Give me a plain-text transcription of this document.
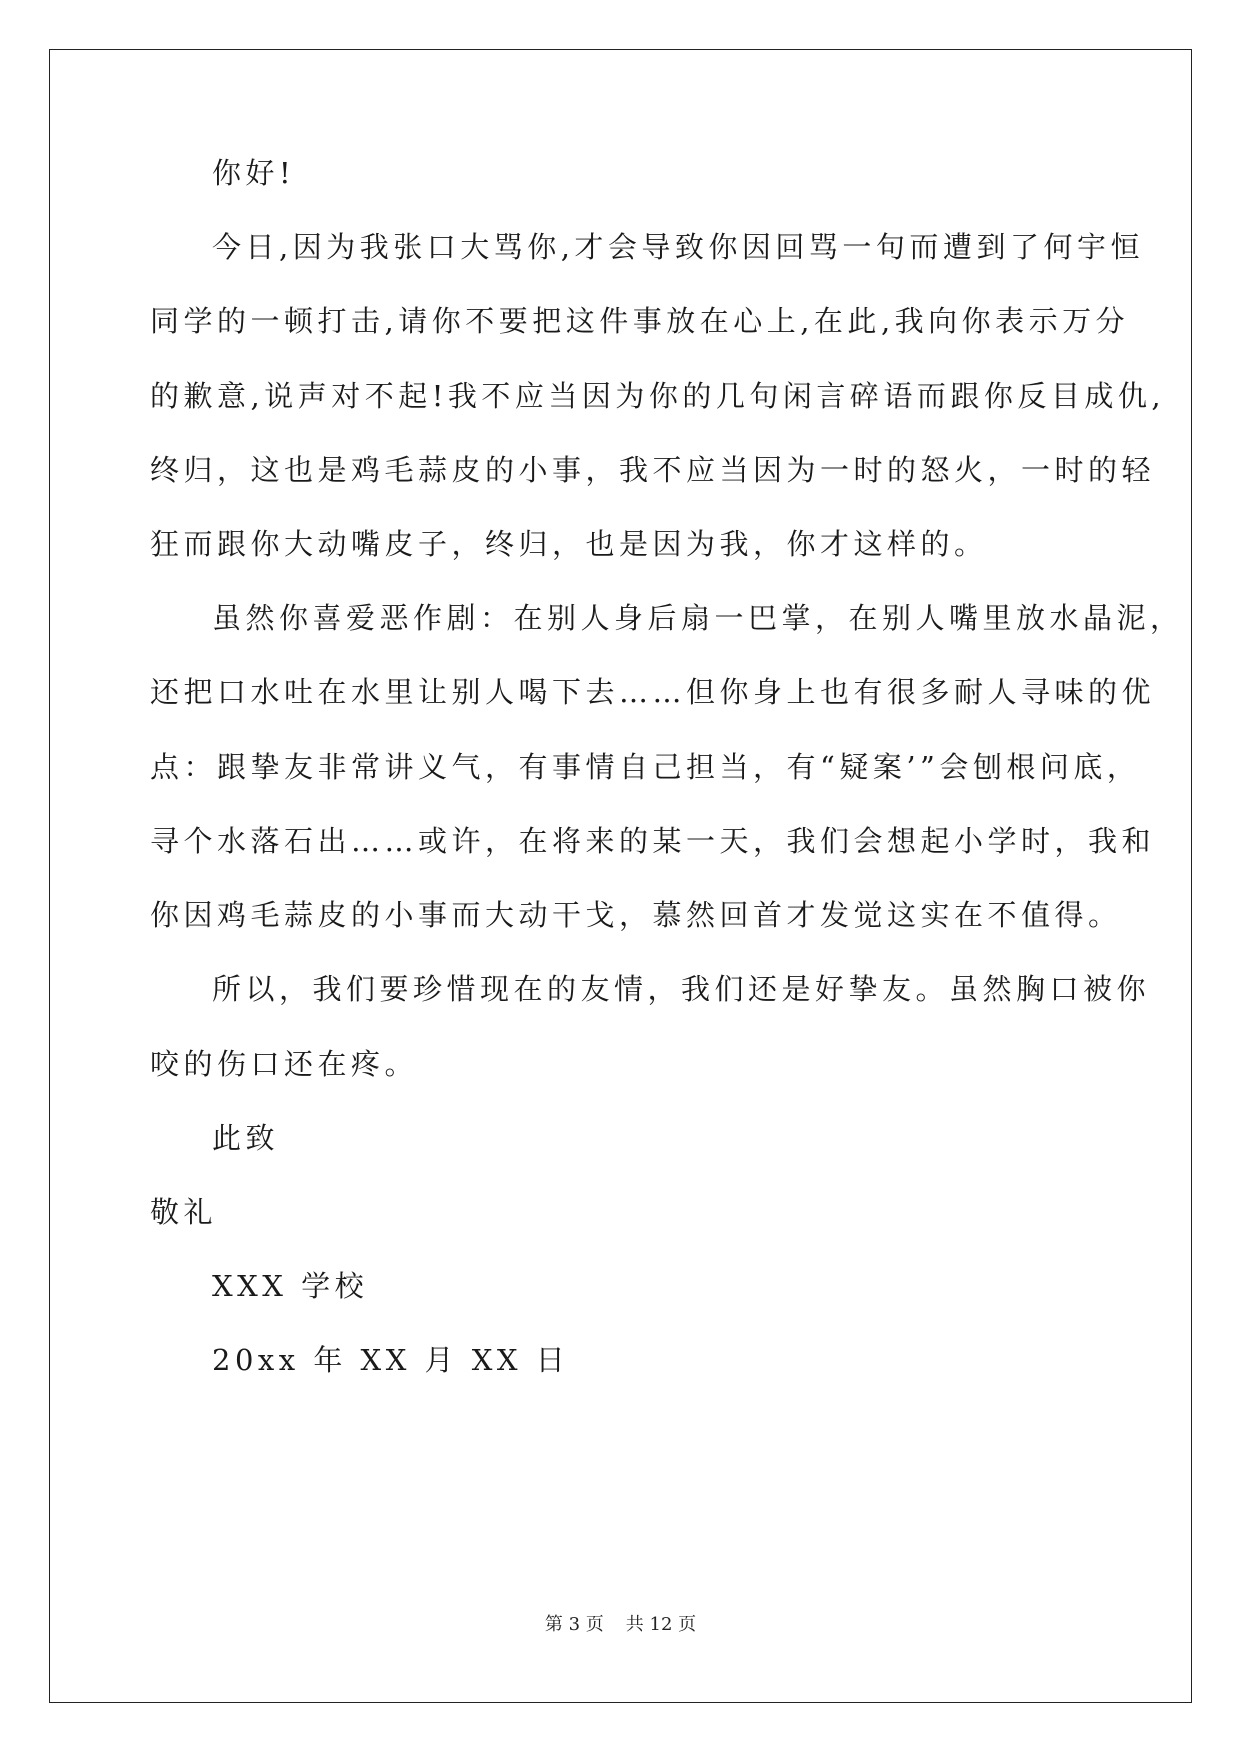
你好!

今日,因为我张口大骂你,才会导致你因回骂一句而遭到了何宇恒

同学的一顿打击,请你不要把这件事放在心上,在此,我向你表示万分

的歉意,说声对不起!我不应当因为你的几句闲言碎语而跟你反目成仇,

终归，这也是鸡毛蒜皮的小事，我不应当因为一时的怒火，一时的轻

狂而跟你大动嘴皮子，终归，也是因为我，你才这样的。

虽然你喜爱恶作剧：在别人身后扇一巴掌，在别人嘴里放水晶泥，

还把口水吐在水里让别人喝下去……但你身上也有很多耐人寻味的优

点：跟挚友非常讲义气，有事情自己担当，有“疑案’”会刨根问底，

寻个水落石出……或许，在将来的某一天，我们会想起小学时，我和

你因鸡毛蒜皮的小事而大动干戈，慕然回首才发觉这实在不值得。

所以，我们要珍惜现在的友情，我们还是好挚友。虽然胸口被你

咬的伤口还在疼。

此致

敬礼

XXX 学校

20xx 年 XX 月 XX 日

第 3 页 共 12 页
